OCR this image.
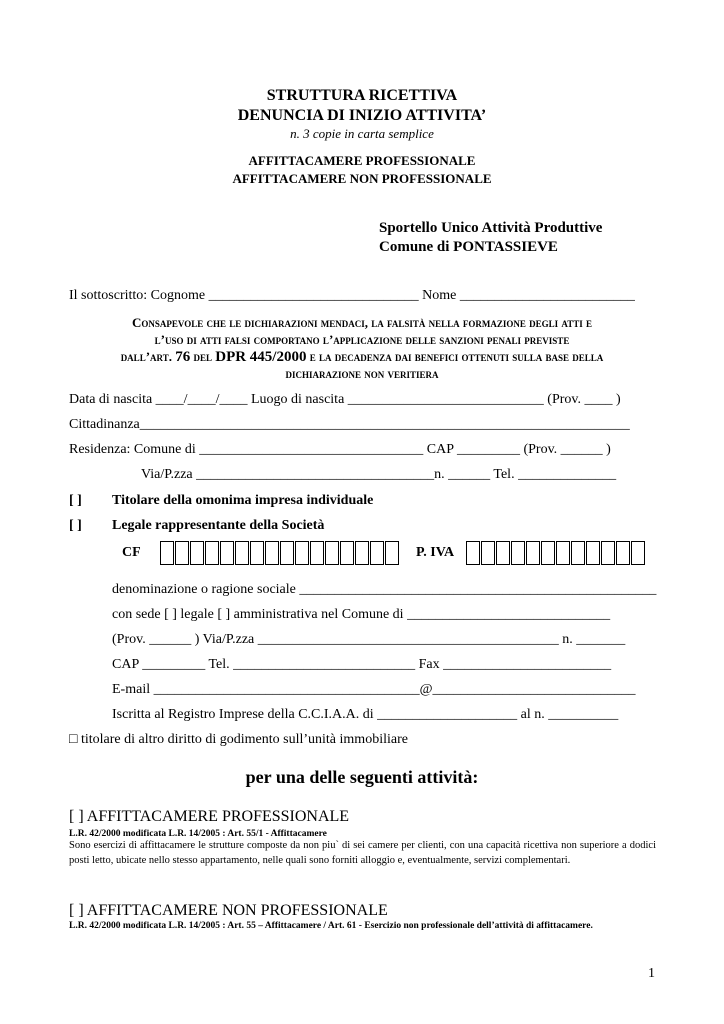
STRUTTURA RICETTIVA
DENUNCIA DI INIZIO ATTIVITA’
n. 3 copie in carta semplice
AFFITTACAMERE PROFESSIONALE
AFFITTACAMERE NON PROFESSIONALE
Sportello Unico Attività Produttive
Comune di PONTASSIEVE
Il sottoscritto: Cognome ______________________________ Nome _________________________
Consapevole che le dichiarazioni mendaci, la falsità nella formazione degli atti e
l’uso di atti falsi comportano l’applicazione delle sanzioni penali previste
dall’art. 76 del DPR 445/2000 e la decadenza dai benefici ottenuti sulla base della
dichiarazione non veritiera
Data di nascita ____/____/____ Luogo di nascita ____________________________ (Prov. ____ )
Cittadinanza______________________________________________________________________
Residenza: Comune di ________________________________ CAP _________ (Prov. ______ )
Via/P.zza __________________________________n. ______ Tel. ______________
[ ] Titolare della omonima impresa individuale
[ ] Legale rappresentante della Società
CF	P. IVA
denominazione o ragione sociale ___________________________________________________
con sede [ ] legale [ ] amministrativa nel Comune di _____________________________
(Prov. ______ ) Via/P.zza ___________________________________________ n. _______
CAP _________ Tel. __________________________ Fax ________________________
E-mail ______________________________________@_____________________________
Iscritta al Registro Imprese della C.C.I.A.A. di ____________________ al n. __________
□ titolare di altro diritto di godimento sull’unità immobiliare
per una delle seguenti attività:
[ ] AFFITTACAMERE PROFESSIONALE
L.R. 42/2000 modificata L.R. 14/2005 : Art. 55/1 - Affittacamere
Sono esercizi di affittacamere le strutture composte da non piu` di sei camere per clienti, con una capacità ricettiva non superiore a dodici posti letto, ubicate nello stesso appartamento, nelle quali sono forniti alloggio e, eventualmente, servizi complementari.
[ ] AFFITTACAMERE NON PROFESSIONALE
L.R. 42/2000 modificata L.R. 14/2005 : Art. 55 – Affittacamere / Art. 61 - Esercizio non professionale dell’attività di affittacamere.
1
